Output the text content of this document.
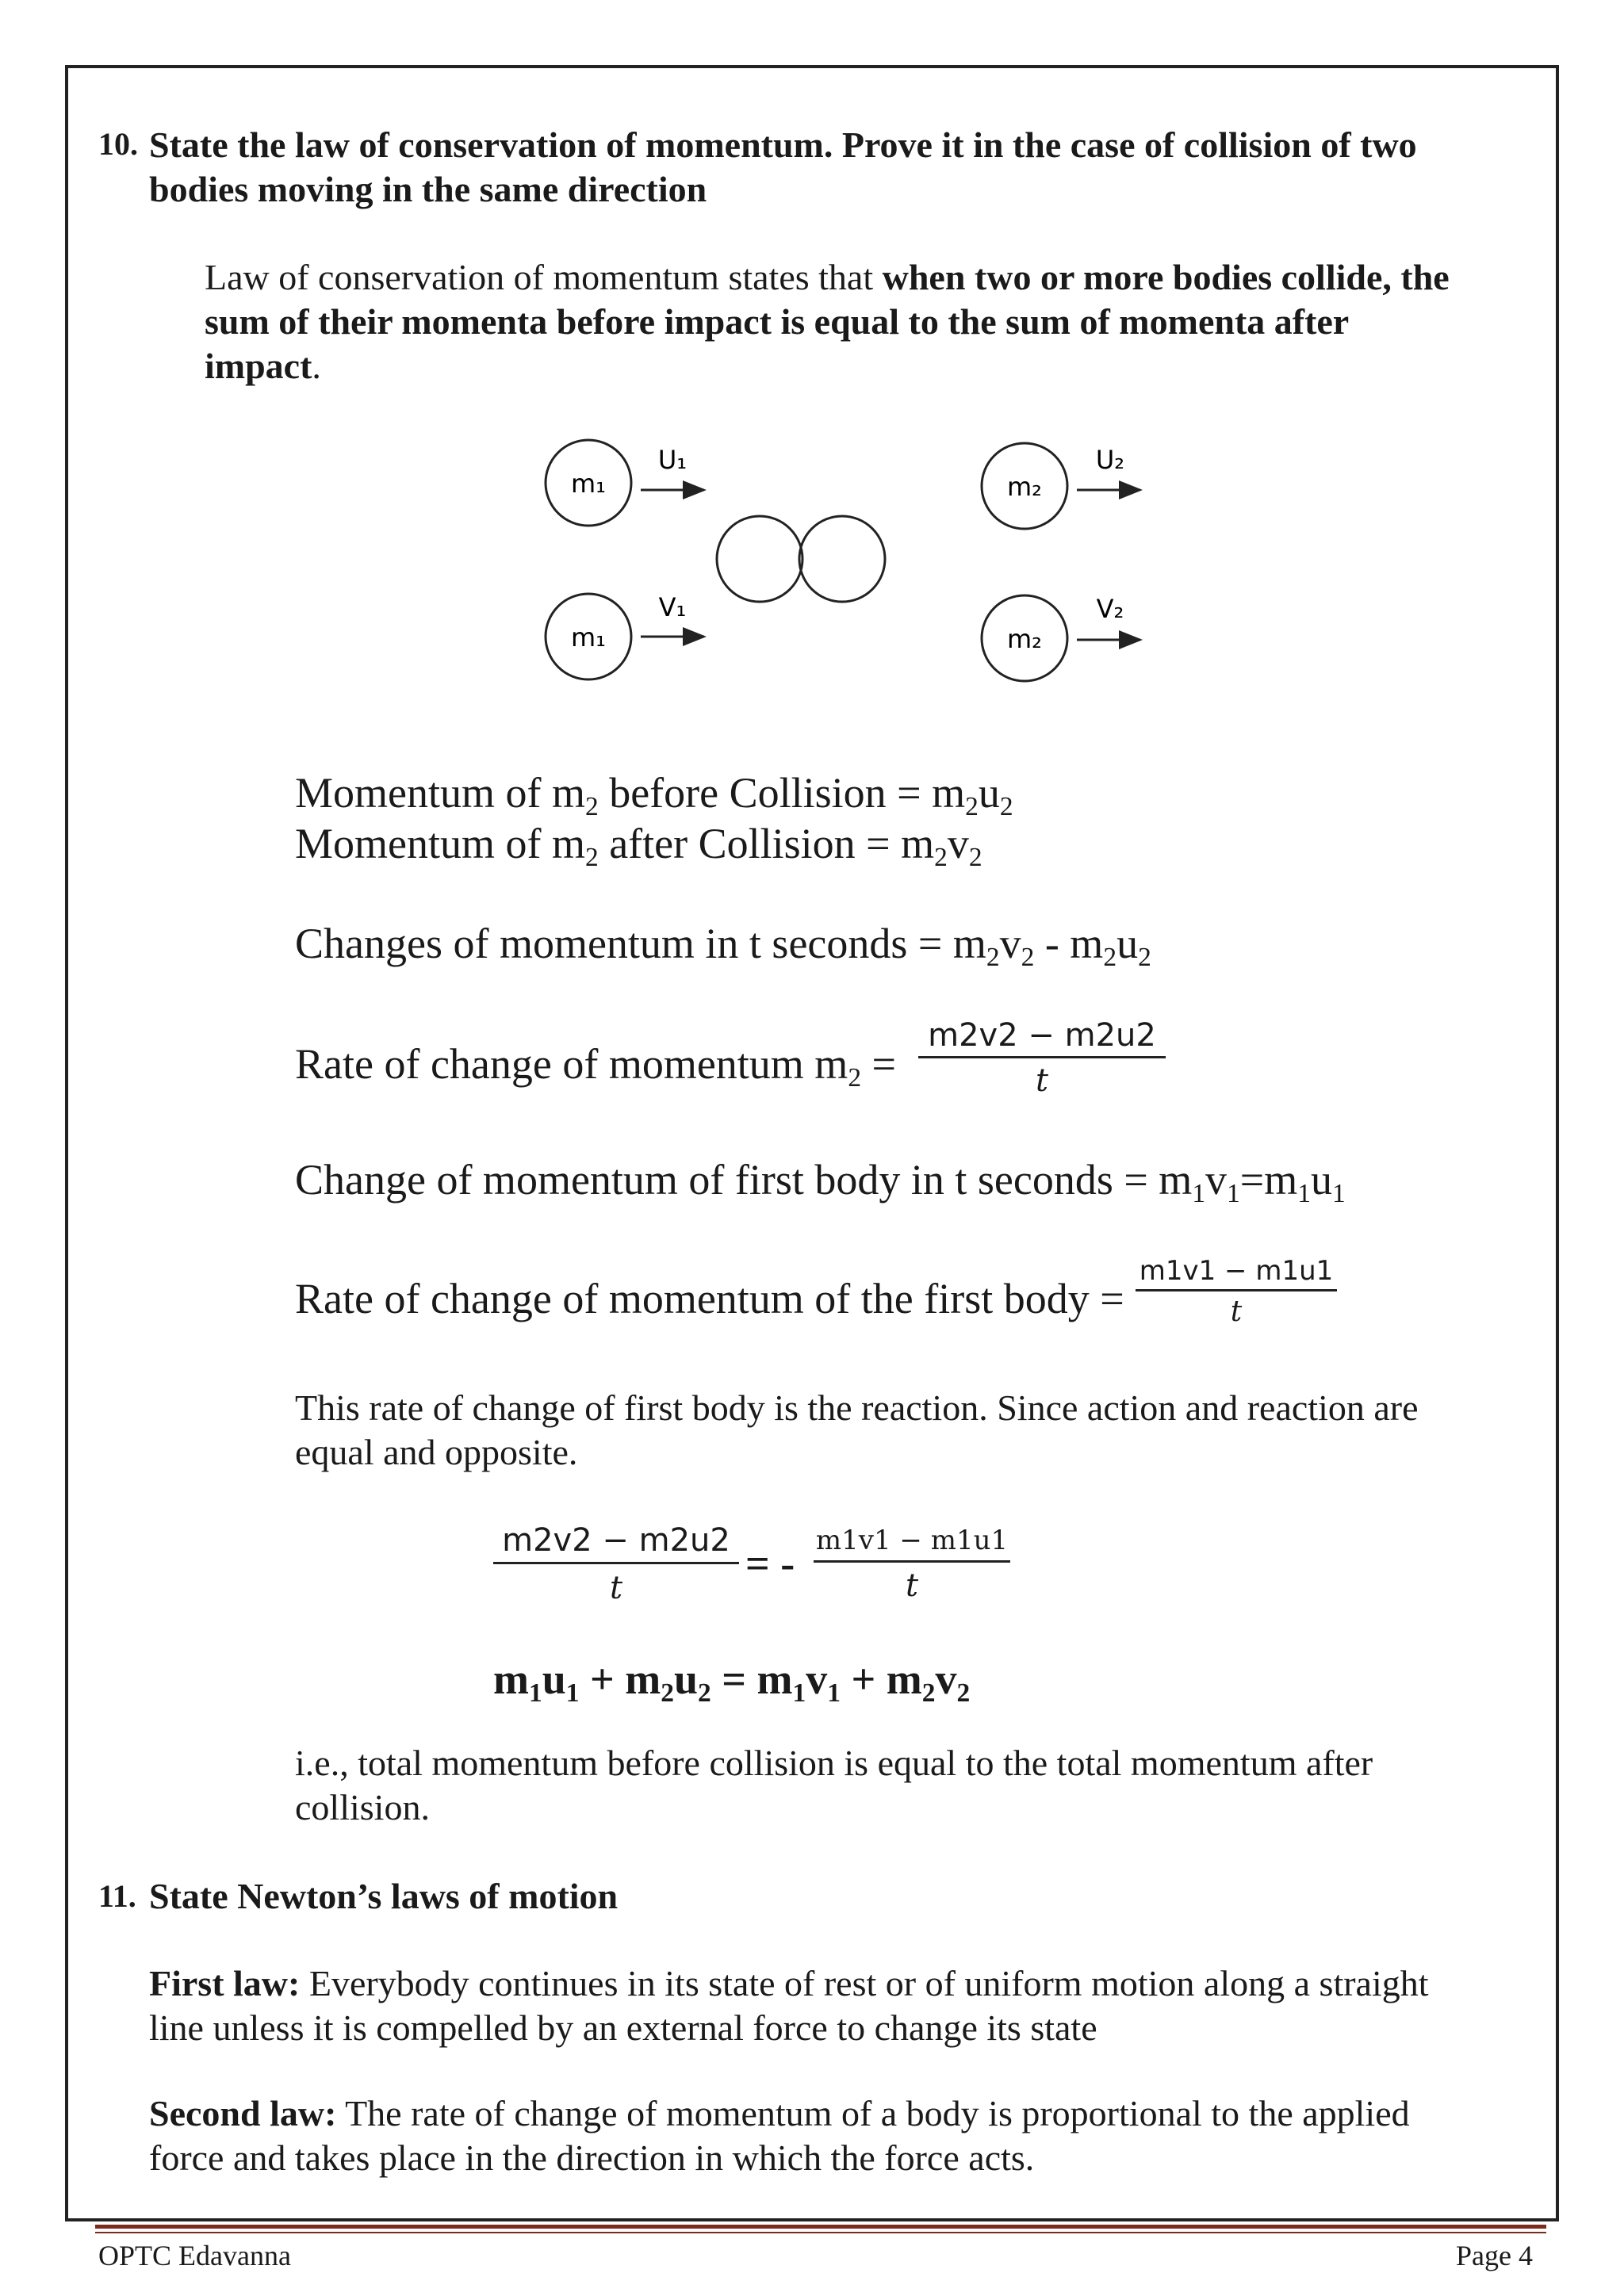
10. State the law of conservation of momentum. Prove it in the case of collision of two
bodies moving in the same direction
Law of conservation of momentum states that when two or more bodies collide, the
sum of their momenta before impact is equal to the sum of momenta after
impact.
m₁
U₁
m₂
U₂
m₁
V₁
m₂
V₂
Momentum of $m_2$ before Collision = $m_2u_2$
Momentum of $m_2$ after Collision = $m_2v_2$
Changes of momentum in t seconds = $m_2v_2 - m_2u_2$
Rate of change of momentum $m_2$ =
m2v2 − m2u2
t
Change of momentum of first body in t seconds = $m_1v_1=m_1u_1$
Rate of change of momentum of the first body =
m1v1 − m1u1
t
This rate of change of first body is the reaction. Since action and reaction are
equal and opposite.
m2v2 − m2u2
t
= - m1v1 − m1u1
t
$m_1u_1 + m_2u_2 = m_1v_1 + m_2v_2$
i.e., total momentum before collision is equal to the total momentum after
collision.
11. State Newton’s laws of motion
First law: Everybody continues in its state of rest or of uniform motion along a straight
line unless it is compelled by an external force to change its state
Second law: The rate of change of momentum of a body is proportional to the applied
force and takes place in the direction in which the force acts.
OPTC Edavanna	Page 4
